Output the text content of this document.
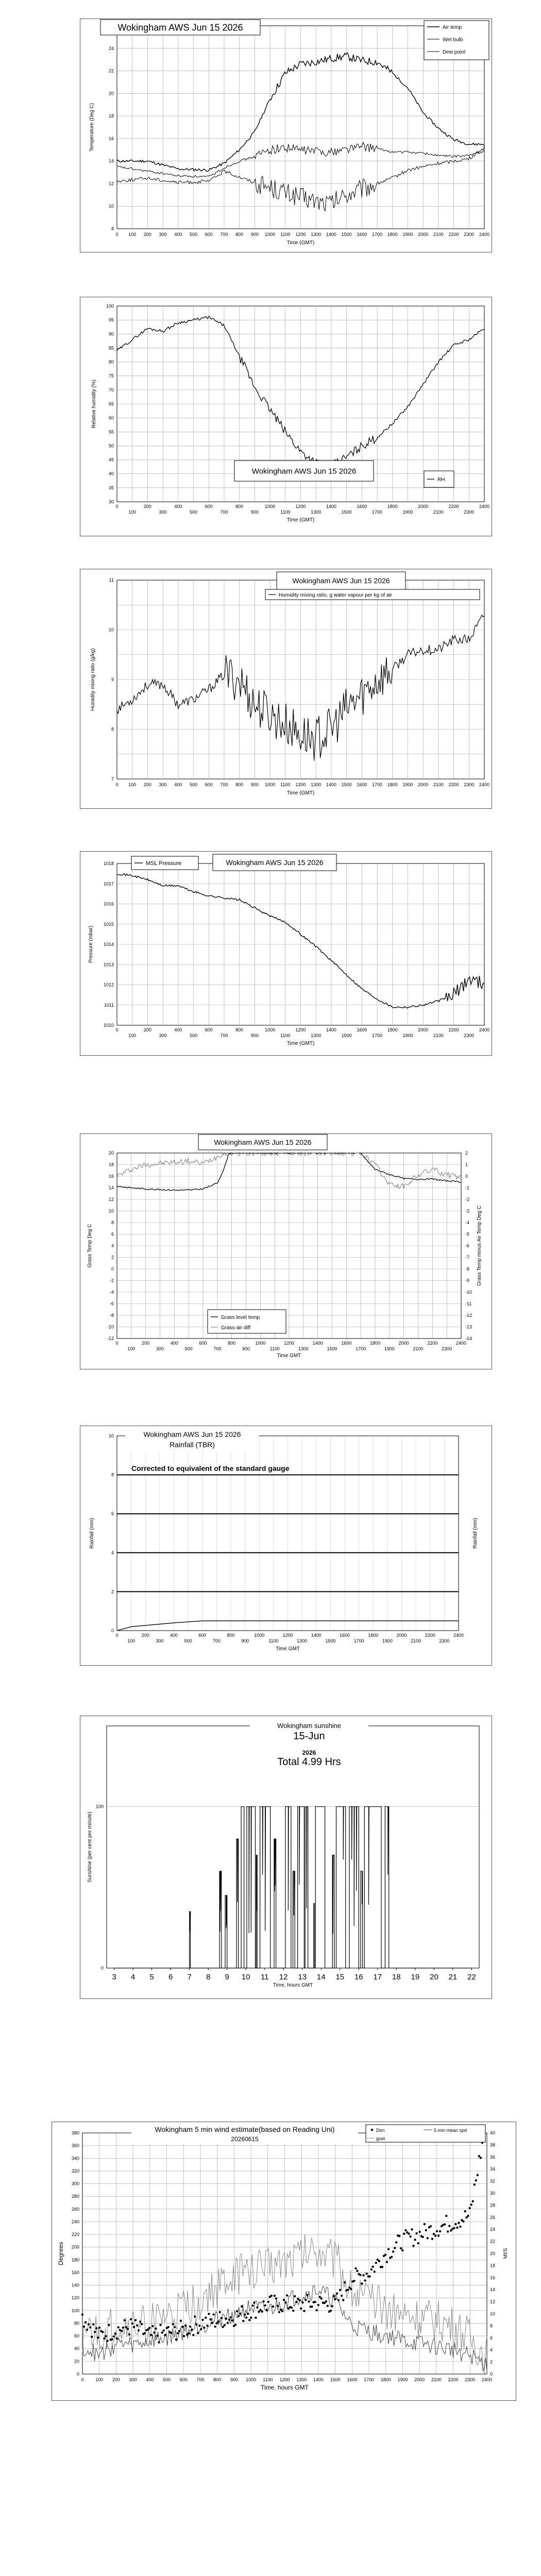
8
10
12
14
16
18
20
22
24
0 100 200 300 400 500 600 700 800 900 1000 1100 1200 1300 1400 1500 1600 1700 1800 1900 2000 2100 2200 2300 2400
Time (GMT)
Temperature (Deg C)
Wokingham AWS Jun 15 2026	Air temp
Wet bulb
Dew point
30
35
40
45
50
55
60
65
70
75
80
85
90
95
100
0	200	400	600	800	1000	1200	1400	1600	1800	2000	2200	2400
100	300	500	700	900	1100	1300	1500	1700	1900	2100	2300
Time (GMT)
Relative humidity (%)
Wokingham AWS Jun 15 2026
RH
7
8
9
10
11
0 100 200 300 400 500 600 700 800 900 1000 1100 1200 1300 1400 1500 1600 1700 1800 1900 2000 2100 2200 2300 2400
Time (GMT)
Humidity mixing ratio (g/kg)
Wokingham AWS Jun 15 2026
Humidity mixing ratio, g water vapour per kg of air
1010
1011
1012
1013
1014
1015
1016
1017
1018
0	200	400	600	800	1000	1200	1400	1600	1800	2000	2200	2400
100	300	500	700	900	1100	1300	1500	1700	1900	2100	2300
Time (GMT)
Pressure (mbar)
MSL Pressure	Wokingham AWS Jun 15 2026
-12
-10
-8
-6
-4
-2
0
2
4
6
8
10
12
14
16
18
20
-14
-13
-12
-11
-10
-9
-8
-7
-6
-5
-4
-3
-2
-1
0
1
2
0	200	400	600	800	1000	1200	1400	1600	1800	2000	2200	2400
100	300	500	700	900	1100	1300	1500	1700	1900	2100	2300
Time GMT
Grass Temp Deg C	Grass Temp minus Air Temp Deg C
Wokingham AWS Jun 15 2026
Grass level temp
Grass-air diff
0
2
4
6
8
10
0	200	400	600	800	1000	1200	1400	1600	1800	2000	2200	2400
100	300	500	700	900	1100	1300	1500	1700	1900	2100	2300
Time GMT
Rainfall (mm)	Rainfall (mm)
Wokingham AWS Jun 15 2026
Rainfall (TBR)
Corrected to equivalent of the standard gauge
3 4 5 6 7 8 9 10 11 12 13 14 15 16 17 18 19 20 21 22
0
100
Time, hours GMT
Sunshine (per cent per minute)
Wokingham sunshine
15-Jun
2026
Total 4.99 Hrs
0
20
40
60
80
100
120
140
160
180
200
220
240
260
280
300
320
340
360
380
0
2
4
6
8
10
12
14
16
18
20
22
24
26
28
30
32
34
36
38
40
0	100 200 300 400 500 600 700 800 900 1000 1100 1200 1300 1400 1500 1600 1700 1800 1900 2000 2100 2200 2300 2400
Time, hours GMT
Degrees	MI/S
Wokingham 5 min wind estimate(based on Reading Uni)
20260615
Dirn	5 min mean spd
gust
